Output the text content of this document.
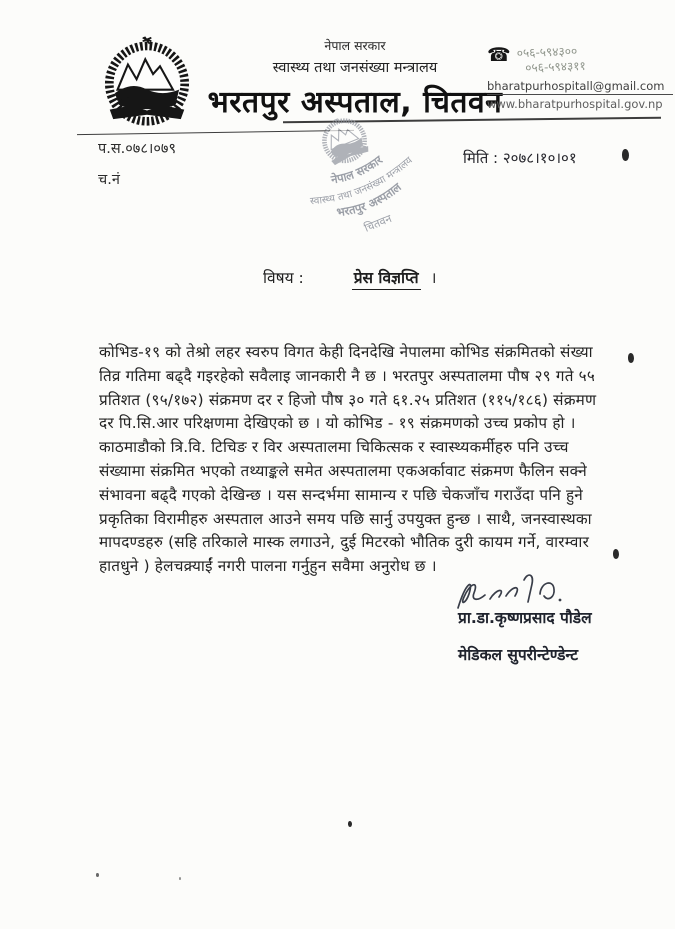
नेपाल सरकार
स्वास्थ्य तथा जनसंख्या मन्त्रालय
भरतपुर अस्पताल, चितवन
☎ ०५६-५९४३००
०५६-५९४३११
bharatpurhospitall@gmail.com
www.bharatpurhospital.gov.np
प.स.०७८।०७९
च.नं
मिति : २०७८।१०।०१
नेपाल सरकार
स्वास्थ्य तथा जनसंख्या मन्त्रालय
भरतपुर अस्पताल
चितवन
विषय :	प्रेस विज्ञप्ति ।
कोभिड-१९ को तेश्रो लहर स्वरुप विगत केही दिनदेखि नेपालमा कोभिड संक्रमितको संख्या
तिव्र गतिमा बढ्दै गइरहेको सवैलाइ जानकारी नै छ । भरतपुर अस्पतालमा पौष २९ गते ५५
प्रतिशत (९५/१७२) संक्रमण दर र हिजो पौष ३० गते ६१.२५ प्रतिशत (११५/१८६) संक्रमण
दर पि.सि.आर परिक्षणमा देखिएको छ । यो कोभिड - १९ संक्रमणको उच्च प्रकोप हो ।
काठमाडौको त्रि.वि. टिचिङ र विर अस्पतालमा चिकित्सक र स्वास्थ्यकर्मीहरु पनि उच्च
संख्यामा संक्रमित भएको तथ्याङ्कले समेत अस्पतालमा एकअर्कावाट संक्रमण फैलिन सक्ने
संभावना बढ्दै गएको देखिन्छ । यस सन्दर्भमा सामान्य र पछि चेकजाँच गराउँदा पनि हुने
प्रकृतिका विरामीहरु अस्पताल आउने समय पछि सार्नु उपयुक्त हुन्छ । साथै, जनस्वास्थका
मापदण्डहरु (सहि तरिकाले मास्क लगाउने, दुई मिटरको भौतिक दुरी कायम गर्ने, वारम्वार
हातधुने ) हेलचक्र्याईं नगरी पालना गर्नुहुन सवैमा अनुरोध छ ।
प्रा.डा.कृष्णप्रसाद पौडेल
मेडिकल सुपरीन्टेण्डेन्ट
